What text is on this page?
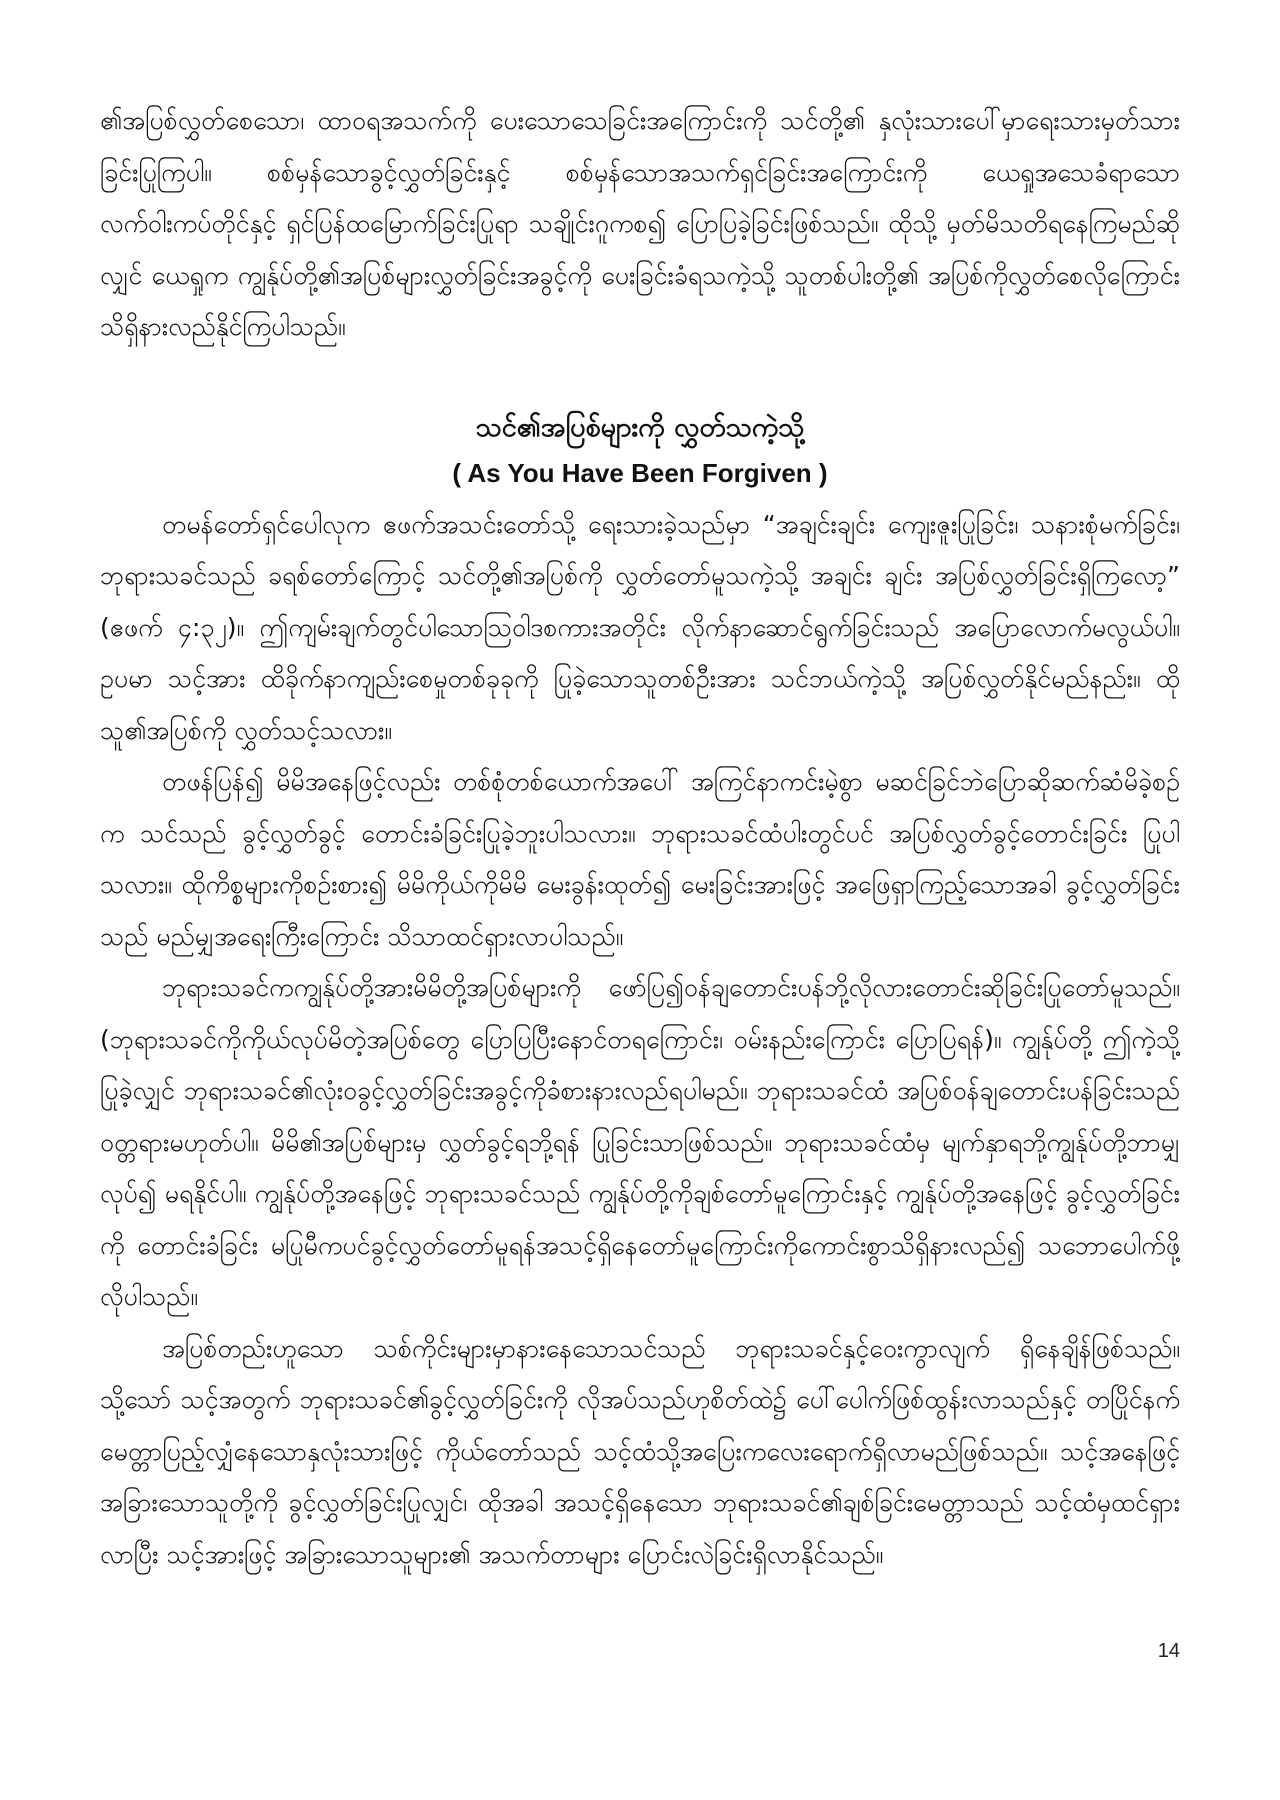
၏အပြစ်လွှတ်စေသော၊ ထာဝရအသက်ကို ပေးသောသေခြင်းအကြောင်းကို သင်တို့၏ နှလုံးသားပေါ်မှာရေးသားမှတ်သားခြင်းပြုကြပါ။ စစ်မှန်သောခွင့်လွှတ်ခြင်းနှင့် စစ်မှန်သောအသက်ရှင်ခြင်းအကြောင်းကို ယေရှုအသေခံရာသော လက်ဝါးကပ်တိုင်နှင့် ရှင်ပြန်ထမြောက်ခြင်းပြုရာ သချိုင်းဂူကစ၍ ပြောပြခဲ့ခြင်းဖြစ်သည်။ ထိုသို့ မှတ်မိသတိရနေကြမည်ဆိုလျှင် ယေရှုက ကျွန်ုပ်တို့၏အပြစ်များလွှတ်ခြင်းအခွင့်ကို ပေးခြင်းခံရသကဲ့သို့ သူတစ်ပါးတို့၏ အပြစ်ကိုလွှတ်စေလိုကြောင်း သိရှိနားလည်နိုင်ကြပါသည်။

သင်၏အပြစ်များကို လွှတ်သကဲ့သို့
( As You Have Been Forgiven )

တမန်တော်ရှင်ပေါလုက ဧဖက်အသင်းတော်သို့ ရေးသားခဲ့သည်မှာ “အချင်းချင်း ကျေးဇူးပြုခြင်း၊ သနားစုံမက်ခြင်း၊ ဘုရားသခင်သည် ခရစ်တော်ကြောင့် သင်တို့၏အပြစ်ကို လွှတ်တော်မူသကဲ့သို့ အချင်း ချင်း အပြစ်လွှတ်ခြင်းရှိကြလော့” (ဧဖက် ၄:၃၂)။ ဤကျမ်းချက်တွင်ပါသောဩဝါဒစကားအတိုင်း လိုက်နာဆောင်ရွက်ခြင်းသည် အပြောလောက်မလွယ်ပါ။ ဥပမာ သင့်အား ထိခိုက်နာကျည်းစေမှုတစ်ခုခုကို ပြုခဲ့သောသူတစ်ဦးအား သင်ဘယ်ကဲ့သို့ အပြစ်လွှတ်နိုင်မည်နည်း။ ထိုသူ၏အပြစ်ကို လွှတ်သင့်သလား။

တဖန်ပြန်၍ မိမိအနေဖြင့်လည်း တစ်စုံတစ်ယောက်အပေါ် အကြင်နာကင်းမဲ့စွာ မဆင်ခြင်ဘဲပြောဆိုဆက်ဆံမိခဲ့စဉ်က သင်သည် ခွင့်လွှတ်ခွင့် တောင်းခံခြင်းပြုခဲ့ဘူးပါသလား။ ဘုရားသခင်ထံပါးတွင်ပင် အပြစ်လွှတ်ခွင့်တောင်းခြင်း ပြုပါသလား။ ထိုကိစ္စများကိုစဉ်းစား၍ မိမိကိုယ်ကိုမိမိ မေးခွန်းထုတ်၍ မေးခြင်းအားဖြင့် အဖြေရှာကြည့်သောအခါ ခွင့်လွှတ်ခြင်းသည် မည်မျှအရေးကြီးကြောင်း သိသာထင်ရှားလာပါသည်။

ဘုရားသခင်ကကျွန်ုပ်တို့အားမိမိတို့အပြစ်များကို ဖော်ပြ၍ဝန်ချတောင်းပန်ဘို့လိုလားတောင်းဆိုခြင်းပြုတော်မူသည်။ (ဘုရားသခင်ကိုကိုယ်လုပ်မိတဲ့အပြစ်တွေ ပြောပြပြီးနောင်တရကြောင်း၊ ဝမ်းနည်းကြောင်း ပြောပြရန်)။ ကျွန်ုပ်တို့ ဤကဲ့သို့ပြုခဲ့လျှင် ဘုရားသခင်၏လုံးဝခွင့်လွှတ်ခြင်းအခွင့်ကိုခံစားနားလည်ရပါမည်။ ဘုရားသခင်ထံ အပြစ်ဝန်ချတောင်းပန်ခြင်းသည် ဝတ္တရားမဟုတ်ပါ။ မိမိ၏အပြစ်များမှ လွှတ်ခွင့်ရဘို့ရန် ပြုခြင်းသာဖြစ်သည်။ ဘုရားသခင်ထံမှ မျက်နှာရဘို့ကျွန်ုပ်တို့ဘာမျှလုပ်၍ မရနိုင်ပါ။ ကျွန်ုပ်တို့အနေဖြင့် ဘုရားသခင်သည် ကျွန်ုပ်တို့ကိုချစ်တော်မူကြောင်းနှင့် ကျွန်ုပ်တို့အနေဖြင့် ခွင့်လွှတ်ခြင်းကို တောင်းခံခြင်း မပြုမီကပင်ခွင့်လွှတ်တော်မူရန်အသင့်ရှိနေတော်မူကြောင်းကိုကောင်းစွာသိရှိနားလည်၍ သဘောပေါက်ဖို့လိုပါသည်။

အပြစ်တည်းဟူသော သစ်ကိုင်းများမှာနားနေသောသင်သည် ဘုရားသခင်နှင့်ဝေးကွာလျက် ရှိနေချိန်ဖြစ်သည်။ သို့သော် သင့်အတွက် ဘုရားသခင်၏ခွင့်လွှတ်ခြင်းကို လိုအပ်သည်ဟုစိတ်ထဲ၌ ပေါ်ပေါက်ဖြစ်ထွန်းလာသည်နှင့် တပြိုင်နက် မေတ္တာပြည့်လျှံနေသောနှလုံးသားဖြင့် ကိုယ်တော်သည် သင့်ထံသို့အပြေးကလေးရောက်ရှိလာမည်ဖြစ်သည်။ သင့်အနေဖြင့် အခြားသောသူတို့ကို ခွင့်လွှတ်ခြင်းပြုလျှင်၊ ထိုအခါ အသင့်ရှိနေသော ဘုရားသခင်၏ချစ်ခြင်းမေတ္တာသည် သင့်ထံမှထင်ရှားလာပြီး သင့်အားဖြင့် အခြားသောသူများ၏ အသက်တာများ ပြောင်းလဲခြင်းရှိလာနိုင်သည်။

14
